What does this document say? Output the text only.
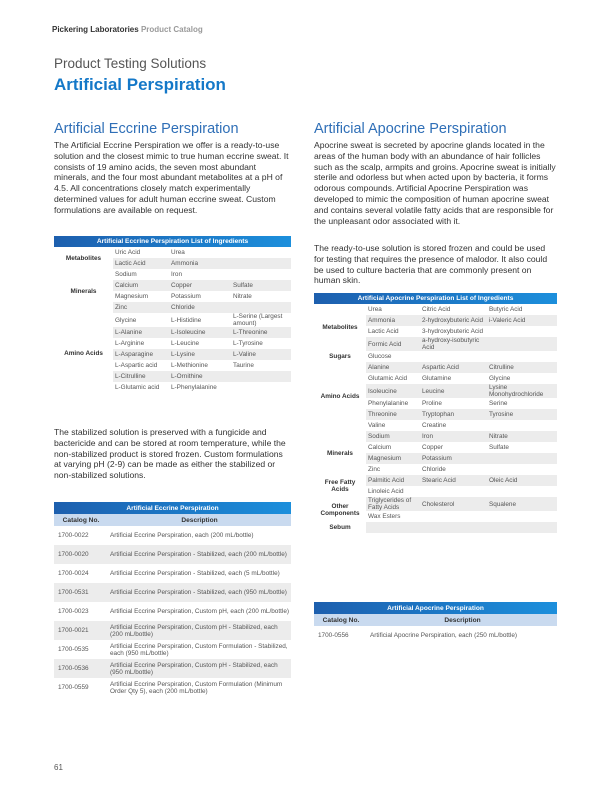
Pickering Laboratories Product Catalog
Product Testing Solutions
Artificial Perspiration
Artificial Eccrine Perspiration

The Artificial Eccrine Perspiration we offer is a ready-to-use solution and the closest mimic to true human eccrine sweat. It consists of 19 amino acids, the seven most abundant minerals, and the four most abundant metabolites at a pH of 4.5. All concentrations closely match experimentally determined values for adult human eccrine sweat. Custom formulations are available on request.

Artificial Eccrine Perspiration List of Ingredients			
Metabolites	Uric Acid	Urea	
	Lactic Acid	Ammonia	
Minerals	Sodium	Iron	
	Calcium	Copper	Sulfate
	Magnesium	Potassium	Nitrate
	Zinc	Chloride	
Amino Acids	Glycine	L-Histidine	L-Serine (Largest amount)
	L-Alanine	L-Isoleucine	L-Threonine
	L-Arginine	L-Leucine	L-Tyrosine
	L-Asparagine	L-Lysine	L-Valine
	L-Aspartic acid	L-Methionine	Taurine
	L-Citrulline	L-Ornithine	
	L-Glutamic acid	L-Phenylalanine	

The stabilized solution is preserved with a fungicide and bactericide and can be stored at room temperature, while the non-stabilized product is stored frozen. Custom formulations at varying pH (2-9) can be made as either the stabilized or non-stabilized solutions.

Artificial Eccrine Perspiration	
Catalog No.	Description
1700-0022	Artificial Eccrine Perspiration, each (200 mL/bottle)
1700-0020	Artificial Eccrine Perspiration - Stabilized, each (200 mL/bottle)
1700-0024	Artificial Eccrine Perspiration - Stabilized, each (5 mL/bottle)
1700-0531	Artificial Eccrine Perspiration - Stabilized, each (950 mL/bottle)
1700-0023	Artificial Eccrine Perspiration, Custom pH, each (200 mL/bottle)
1700-0021	Artificial Eccrine Perspiration, Custom pH - Stabilized, each (200 mL/bottle)
1700-0535	Artificial Eccrine Perspiration, Custom Formulation - Stabilized, each (950 mL/bottle)
1700-0536	Artificial Eccrine Perspiration, Custom pH - Stabilized, each (950 mL/bottle)
1700-0559	Artificial Eccrine Perspiration, Custom Formulation (Minimum Order Qty 5), each (200 mL/bottle)
Artificial Apocrine Perspiration

Apocrine sweat is secreted by apocrine glands located in the areas of the human body with an abundance of hair follicles such as the scalp, armpits and groins. Apocrine sweat is initially sterile and odorless but when acted upon by bacteria, it forms odorous compounds. Artificial Apocrine Perspiration was developed to mimic the composition of human apocrine sweat and contains several volatile fatty acids that are responsible for the unpleasant odor associated with it.

The ready-to-use solution is stored frozen and could be used for testing that requires the presence of malodor. It also could be used to culture bacteria that are commonly present on human skin.

Artificial Apocrine Perspiration List of Ingredients			
Metabolites	Urea	Citric Acid	Butyric Acid
	Ammonia	2-hydroxybuteric Acid	i-Valeric Acid
	Lactic Acid	3-hydroxybuteric Acid	
	Formic Acid	a-hydroxy-isobutyric Acid	
Sugars	Glucose		
Amino Acids	Alanine	Aspartic Acid	Citrulline
	Glutamic Acid	Glutamine	Glycine
	Isoleucine	Leucine	Lysine Monohydrochloride
	Phenylalanine	Proline	Serine
	Threonine	Tryptophan	Tyrosine
	Valine	Creatine	
Minerals	Sodium	Iron	Nitrate
	Calcium	Copper	Sulfate
	Magnesium	Potassium	
	Zinc	Chloride	
Free Fatty Acids	Palmitic Acid	Stearic Acid	Oleic Acid
	Linoleic Acid		
Other Components	Triglycerides of Fatty Acids	Cholesterol	Squalene
	Wax Esters		
Sebum			
Artificial Apocrine Perspiration	
Catalog No.	Description
1700-0556	Artificial Apocrine Perspiration, each (250 mL/bottle)
61
